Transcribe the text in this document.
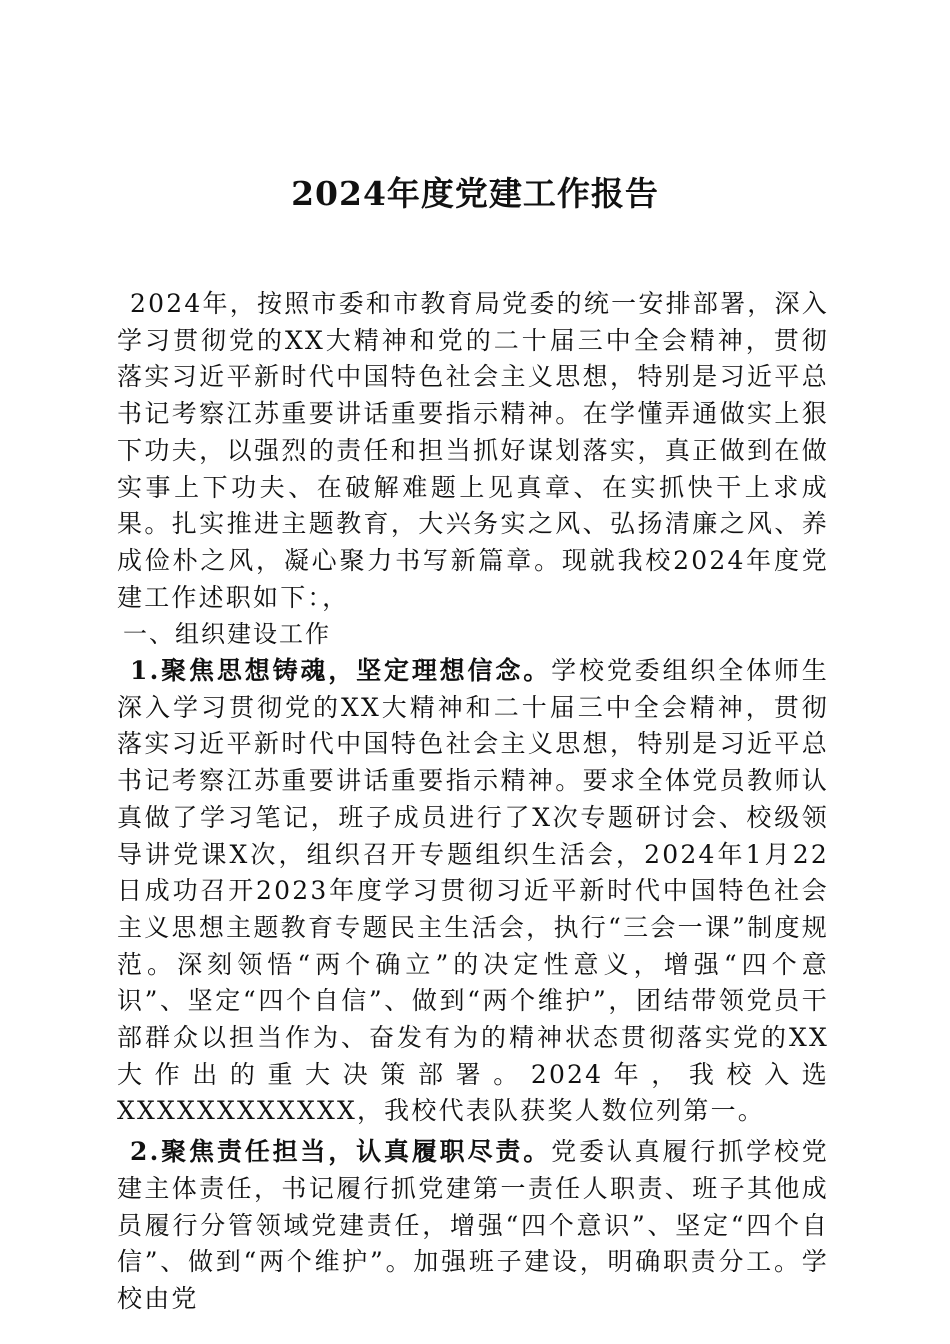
2024年度党建工作报告

2024年，按照市委和市教育局党委的统一安排部署，深入学习贯彻党的XX大精神和党的二十届三中全会精神，贯彻落实习近平新时代中国特色社会主义思想，特别是习近平总书记考察江苏重要讲话重要指示精神。在学懂弄通做实上狠下功夫，以强烈的责任和担当抓好谋划落实，真正做到在做实事上下功夫、在破解难题上见真章、在实抓快干上求成果。扎实推进主题教育，大兴务实之风、弘扬清廉之风、养成俭朴之风，凝心聚力书写新篇章。现就我校2024年度党建工作述职如下：，

一、组织建设工作

1.聚焦思想铸魂，坚定理想信念。学校党委组织全体师生深入学习贯彻党的XX大精神和二十届三中全会精神，贯彻落实习近平新时代中国特色社会主义思想，特别是习近平总书记考察江苏重要讲话重要指示精神。要求全体党员教师认真做了学习笔记，班子成员进行了X次专题研讨会、校级领导讲党课X次，组织召开专题组织生活会，2024年1月22日成功召开2023年度学习贯彻习近平新时代中国特色社会主义思想主题教育专题民主生活会，执行“三会一课”制度规范。深刻领悟“两个确立”的决定性意义，增强“四个意识”、坚定“四个自信”、做到“两个维护”，团结带领党员干部群众以担当作为、奋发有为的精神状态贯彻落实党的XX大作出的重大决策部署。2024年，我校入选XXXXXXXXXXXX，我校代表队获奖人数位列第一。

2.聚焦责任担当，认真履职尽责。党委认真履行抓学校党建主体责任，书记履行抓党建第一责任人职责、班子其他成员履行分管领域党建责任，增强“四个意识”、坚定“四个自信”、做到“两个维护”。加强班子建设，明确职责分工。学校由党
